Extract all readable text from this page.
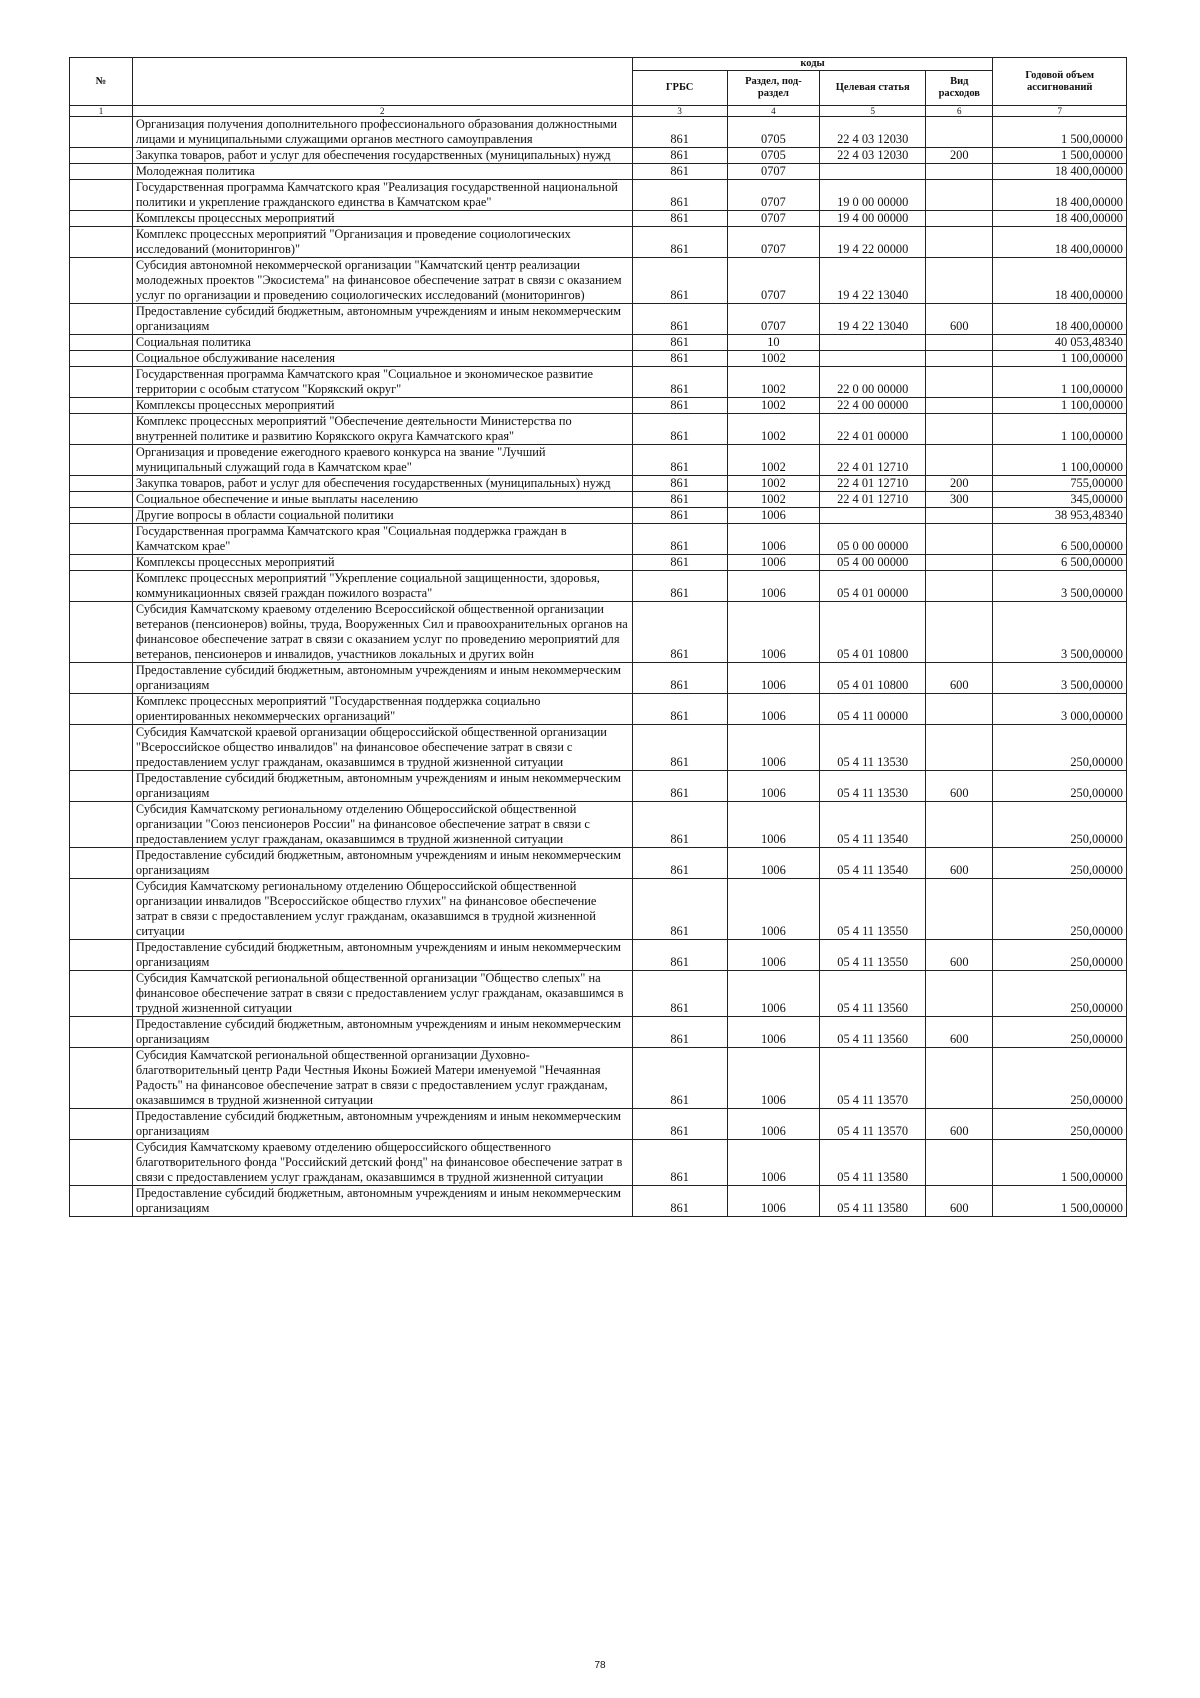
№		коды				Годовой объем ассигнований
		ГРБС	Раздел, под-раздел	Целевая статья	Вид расходов	
1	2	3	4	5	6	7
	Организация получения дополнительного профессионального образования должностными лицами и муниципальными служащими органов местного самоуправления	861	0705	22 4 03 12030		1 500,00000
	Закупка товаров, работ и услуг для обеспечения государственных (муниципальных) нужд	861	0705	22 4 03 12030	200	1 500,00000
	Молодежная политика	861	0707			18 400,00000
	Государственная программа Камчатского края "Реализация государственной национальной политики и укрепление гражданского единства в Камчатском крае"	861	0707	19 0 00 00000		18 400,00000
	Комплексы процессных мероприятий	861	0707	19 4 00 00000		18 400,00000
	Комплекс процессных мероприятий "Организация и проведение социологических исследований (мониторингов)"	861	0707	19 4 22 00000		18 400,00000
	Субсидия автономной некоммерческой организации "Камчатский центр реализации молодежных проектов "Экосистема" на финансовое обеспечение затрат в связи с оказанием услуг по организации и проведению социологических исследований (мониторингов)	861	0707	19 4 22 13040		18 400,00000
	Предоставление субсидий бюджетным, автономным учреждениям и иным некоммерческим организациям	861	0707	19 4 22 13040	600	18 400,00000
	Социальная политика	861	10			40 053,48340
	Социальное обслуживание населения	861	1002			1 100,00000
	Государственная программа Камчатского края "Социальное и экономическое развитие территории с особым статусом "Корякский округ"	861	1002	22 0 00 00000		1 100,00000
	Комплексы процессных мероприятий	861	1002	22 4 00 00000		1 100,00000
	Комплекс процессных мероприятий "Обеспечение деятельности Министерства по внутренней политике и развитию Корякского округа Камчатского края"	861	1002	22 4 01 00000		1 100,00000
	Организация и проведение ежегодного краевого конкурса на звание "Лучший муниципальный служащий года в Камчатском крае"	861	1002	22 4 01 12710		1 100,00000
	Закупка товаров, работ и услуг для обеспечения государственных (муниципальных) нужд	861	1002	22 4 01 12710	200	755,00000
	Социальное обеспечение и иные выплаты населению	861	1002	22 4 01 12710	300	345,00000
	Другие вопросы в области социальной политики	861	1006			38 953,48340
	Государственная программа Камчатского края "Социальная поддержка граждан в Камчатском крае"	861	1006	05 0 00 00000		6 500,00000
	Комплексы процессных мероприятий	861	1006	05 4 00 00000		6 500,00000
	Комплекс процессных мероприятий "Укрепление социальной защищенности, здоровья, коммуникационных связей граждан пожилого возраста"	861	1006	05 4 01 00000		3 500,00000
	Субсидия Камчатскому краевому отделению Всероссийской общественной организации ветеранов (пенсионеров) войны, труда, Вооруженных Сил и правоохранительных органов на финансовое обеспечение затрат в связи с оказанием услуг по проведению мероприятий для ветеранов, пенсионеров и инвалидов, участников локальных и других войн	861	1006	05 4 01 10800		3 500,00000
	Предоставление субсидий бюджетным, автономным учреждениям и иным некоммерческим организациям	861	1006	05 4 01 10800	600	3 500,00000
	Комплекс процессных мероприятий "Государственная поддержка социально ориентированных некоммерческих организаций"	861	1006	05 4 11 00000		3 000,00000
	Субсидия Камчатской краевой организации общероссийской общественной организации "Всероссийское общество инвалидов" на финансовое обеспечение затрат в связи с предоставлением услуг гражданам, оказавшимся в трудной жизненной ситуации	861	1006	05 4 11 13530		250,00000
	Предоставление субсидий бюджетным, автономным учреждениям и иным некоммерческим организациям	861	1006	05 4 11 13530	600	250,00000
	Субсидия Камчатскому региональному отделению Общероссийской общественной организации "Союз пенсионеров России" на финансовое обеспечение затрат в связи с предоставлением услуг гражданам, оказавшимся в трудной жизненной ситуации	861	1006	05 4 11 13540		250,00000
	Предоставление субсидий бюджетным, автономным учреждениям и иным некоммерческим организациям	861	1006	05 4 11 13540	600	250,00000
	Субсидия Камчатскому региональному отделению Общероссийской общественной организации инвалидов "Всероссийское общество глухих" на финансовое обеспечение затрат в связи с предоставлением услуг гражданам, оказавшимся в трудной жизненной ситуации	861	1006	05 4 11 13550		250,00000
	Предоставление субсидий бюджетным, автономным учреждениям и иным некоммерческим организациям	861	1006	05 4 11 13550	600	250,00000
	Субсидия Камчатской региональной общественной организации "Общество слепых" на финансовое обеспечение затрат в связи с предоставлением услуг гражданам, оказавшимся в трудной жизненной ситуации	861	1006	05 4 11 13560		250,00000
	Предоставление субсидий бюджетным, автономным учреждениям и иным некоммерческим организациям	861	1006	05 4 11 13560	600	250,00000
	Субсидия Камчатской региональной общественной организации Духовно-благотворительный центр Ради Честныя Иконы Божией Матери именуемой "Нечаянная Радость" на финансовое обеспечение затрат в связи с предоставлением услуг гражданам, оказавшимся в трудной жизненной ситуации	861	1006	05 4 11 13570		250,00000
	Предоставление субсидий бюджетным, автономным учреждениям и иным некоммерческим организациям	861	1006	05 4 11 13570	600	250,00000
	Субсидия Камчатскому краевому отделению общероссийского общественного благотворительного фонда "Российский детский фонд" на финансовое обеспечение затрат в связи с предоставлением услуг гражданам, оказавшимся в трудной жизненной ситуации	861	1006	05 4 11 13580		1 500,00000
	Предоставление субсидий бюджетным, автономным учреждениям и иным некоммерческим организациям	861	1006	05 4 11 13580	600	1 500,00000
78
